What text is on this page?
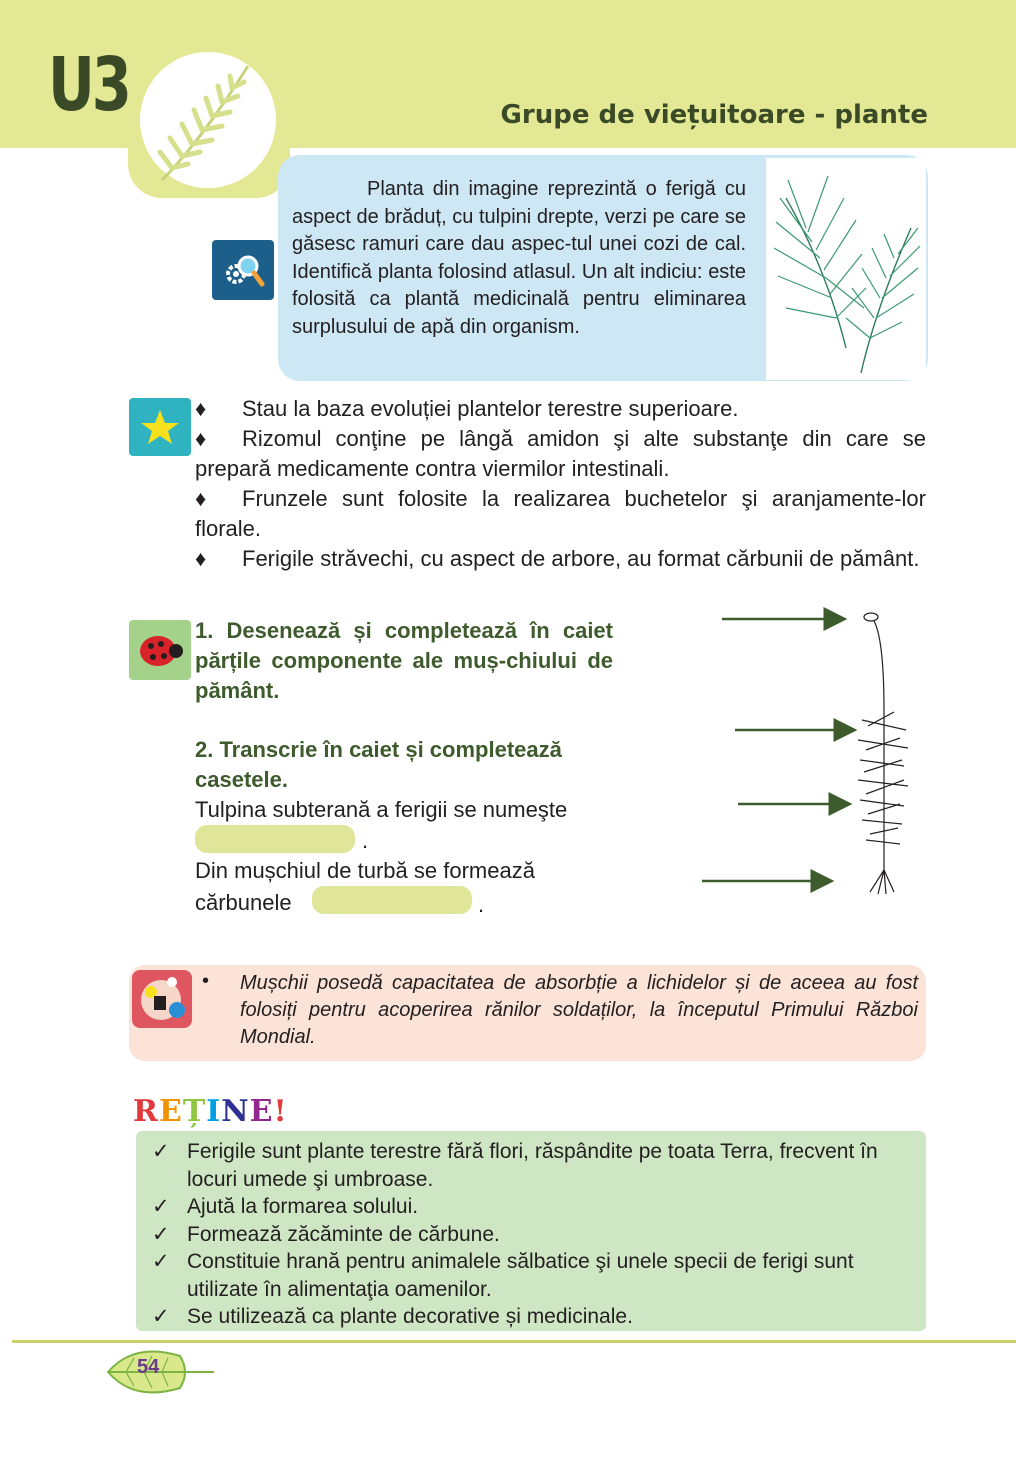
U3	Grupe de viețuitoare - plante

Planta din imagine reprezintă o ferigă cu aspect de brăduț, cu tulpini drepte, verzi pe care se găsesc ramuri care dau aspec-tul unei cozi de cal. Identifică planta folosind atlasul. Un alt indiciu: este folosită ca plantă medicinală pentru eliminarea surplusului de apă din organism.

♦ Stau la baza evoluției plantelor terestre superioare.

♦ Rizomul conţine pe lângă amidon şi alte substanţe din care se prepară medicamente contra viermilor intestinali.

♦ Frunzele sunt folosite la realizarea buchetelor şi aranjamente-lor florale.

♦ Ferigile străvechi, cu aspect de arbore, au format cărbunii de pământ.

1. Desenează și completează în caiet părțile componente ale muș-chiului de pământ.

2. Transcrie în caiet și completează casetele.

Tulpina subterană a ferigii se numeşte

.

Din mușchiul de turbă se formează

cărbunele	.
• Mușchii posedă capacitatea de absorbție a lichidelor și de aceea au fost folosiți pentru acoperirea rănilor soldaților, la începutul Primului Război Mondial.

REȚINE!
✓ Ferigile sunt plante terestre fără flori, răspândite pe toata Terra, frecvent în locuri umede şi umbroase.
✓ Ajută la formarea solului.
✓ Formează zăcăminte de cărbune.
✓ Constituie hrană pentru animalele sălbatice şi unele specii de ferigi sunt utilizate în alimentaţia oamenilor.
✓ Se utilizează ca plante decorative și medicinale.
54
